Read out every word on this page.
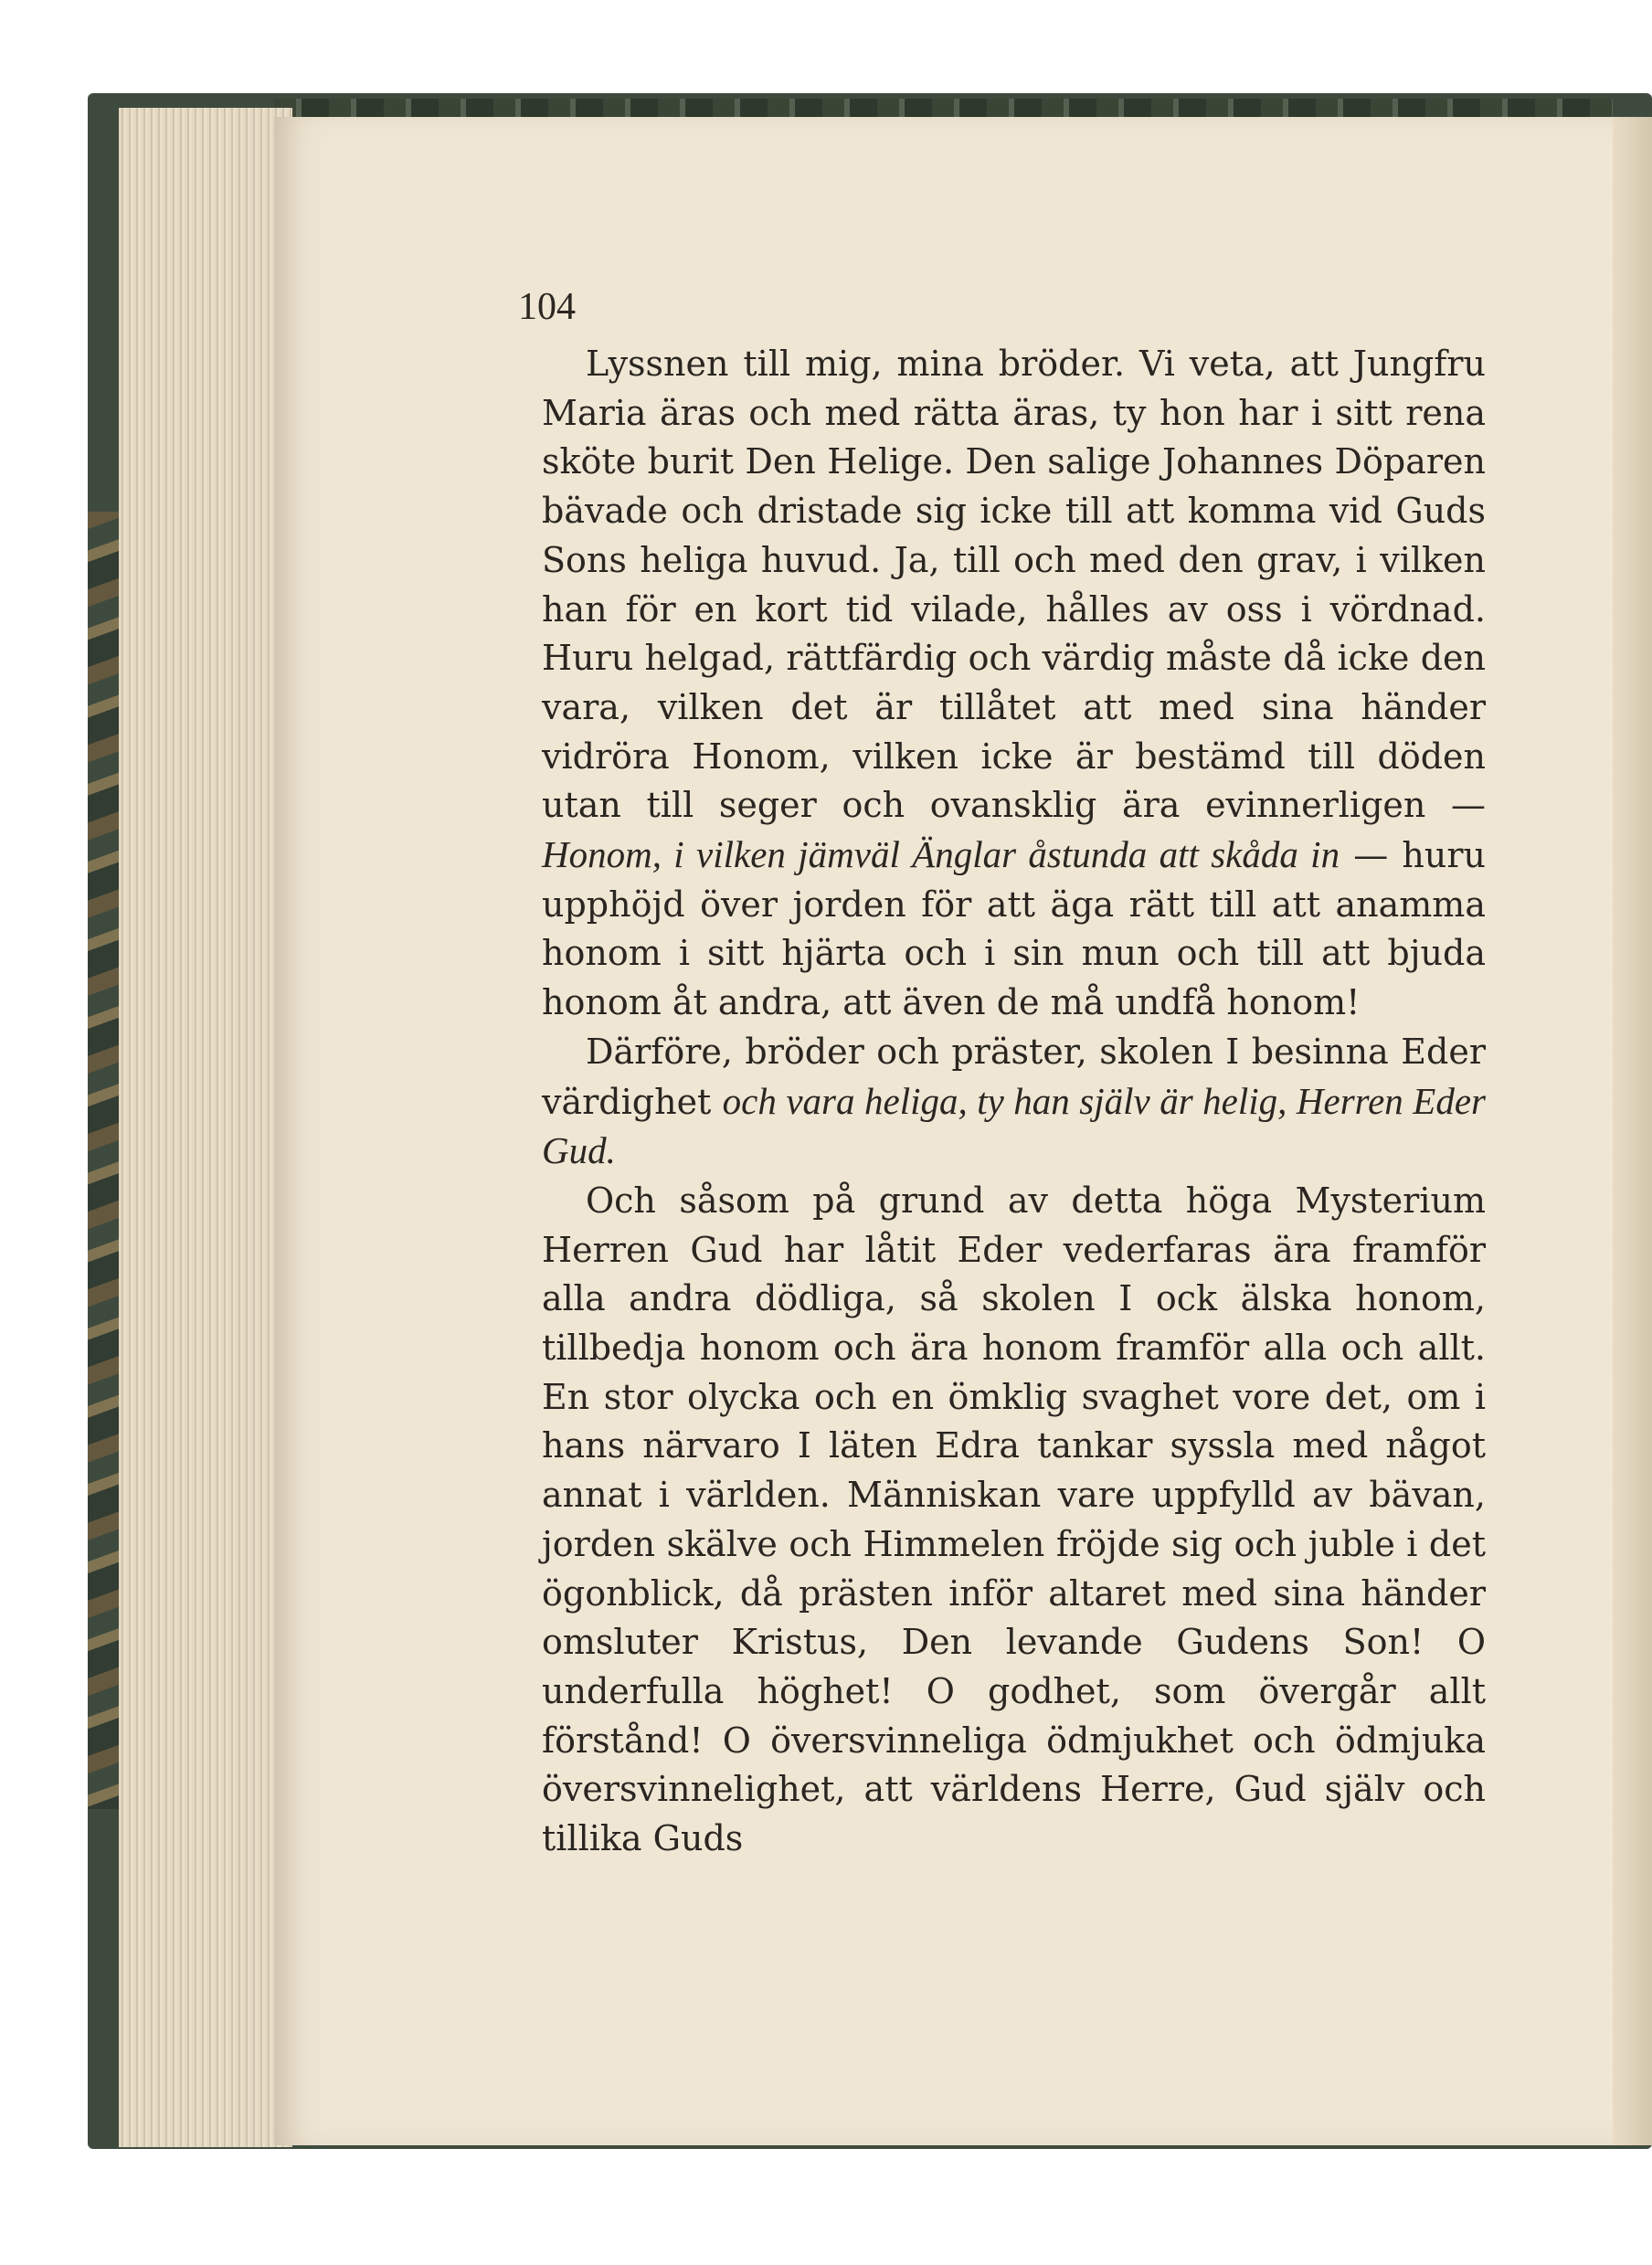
104

Lyssnen till mig, mina bröder. Vi veta, att Jungfru Maria äras och med rätta äras, ty hon har i sitt rena sköte burit Den Helige. Den salige Johannes Döparen bävade och dristade sig icke till att komma vid Guds Sons heliga huvud. Ja, till och med den grav, i vilken han för en kort tid vilade, hålles av oss i vördnad. Huru helgad, rättfärdig och värdig måste då icke den vara, vilken det är tillåtet att med sina händer vidröra Honom, vilken icke är bestämd till döden utan till seger och ovansklig ära evinnerligen — Honom, i vilken jämväl Änglar åstunda att skåda in — huru upphöjd över jorden för att äga rätt till att anamma honom i sitt hjärta och i sin mun och till att bjuda honom åt andra, att även de må undfå honom!

Därföre, bröder och präster, skolen I besinna Eder värdighet och vara heliga, ty han själv är helig, Herren Eder Gud.

Och såsom på grund av detta höga Mysterium Herren Gud har låtit Eder vederfaras ära framför alla andra dödliga, så skolen I ock älska honom, tillbedja honom och ära honom framför alla och allt. En stor olycka och en ömklig svaghet vore det, om i hans närvaro I läten Edra tankar syssla med något annat i världen. Människan vare uppfylld av bävan, jorden skälve och Himmelen fröjde sig och juble i det ögonblick, då prästen inför altaret med sina händer omsluter Kristus, Den levande Gudens Son! O underfulla höghet! O godhet, som övergår allt förstånd! O översvinneliga ödmjukhet och ödmjuka översvinnelighet, att världens Herre, Gud själv och tillika Guds
